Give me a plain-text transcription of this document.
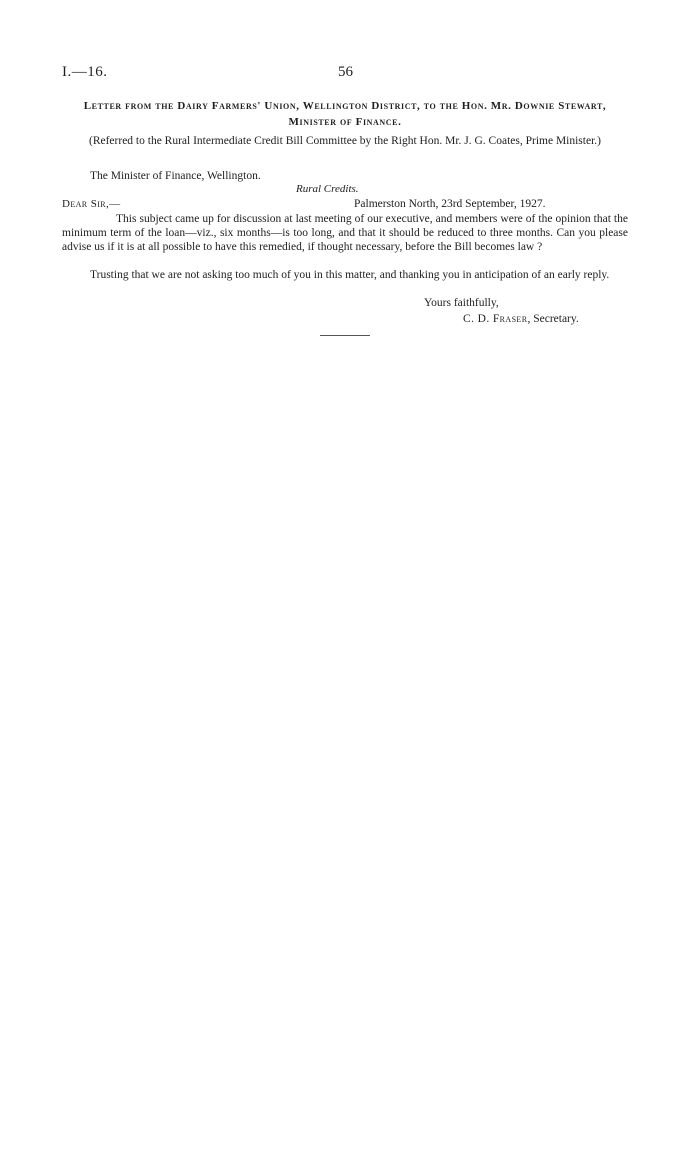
I.—16.	56
Letter from the Dairy Farmers' Union, Wellington District, to the Hon. Mr. Downie Stewart, Minister of Finance.
(Referred to the Rural Intermediate Credit Bill Committee by the Right Hon. Mr. J. G. Coates, Prime Minister.)
The Minister of Finance, Wellington.
Rural Credits.
Dear Sir,—	Palmerston North, 23rd September, 1927.

This subject came up for discussion at last meeting of our executive, and members were of the opinion that the minimum term of the loan—viz., six months—is too long, and that it should be reduced to three months. Can you please advise us if it is at all possible to have this remedied, if thought necessary, before the Bill becomes law ?

Trusting that we are not asking too much of you in this matter, and thanking you in anticipation of an early reply.

Yours faithfully,
C. D. Fraser, Secretary.
